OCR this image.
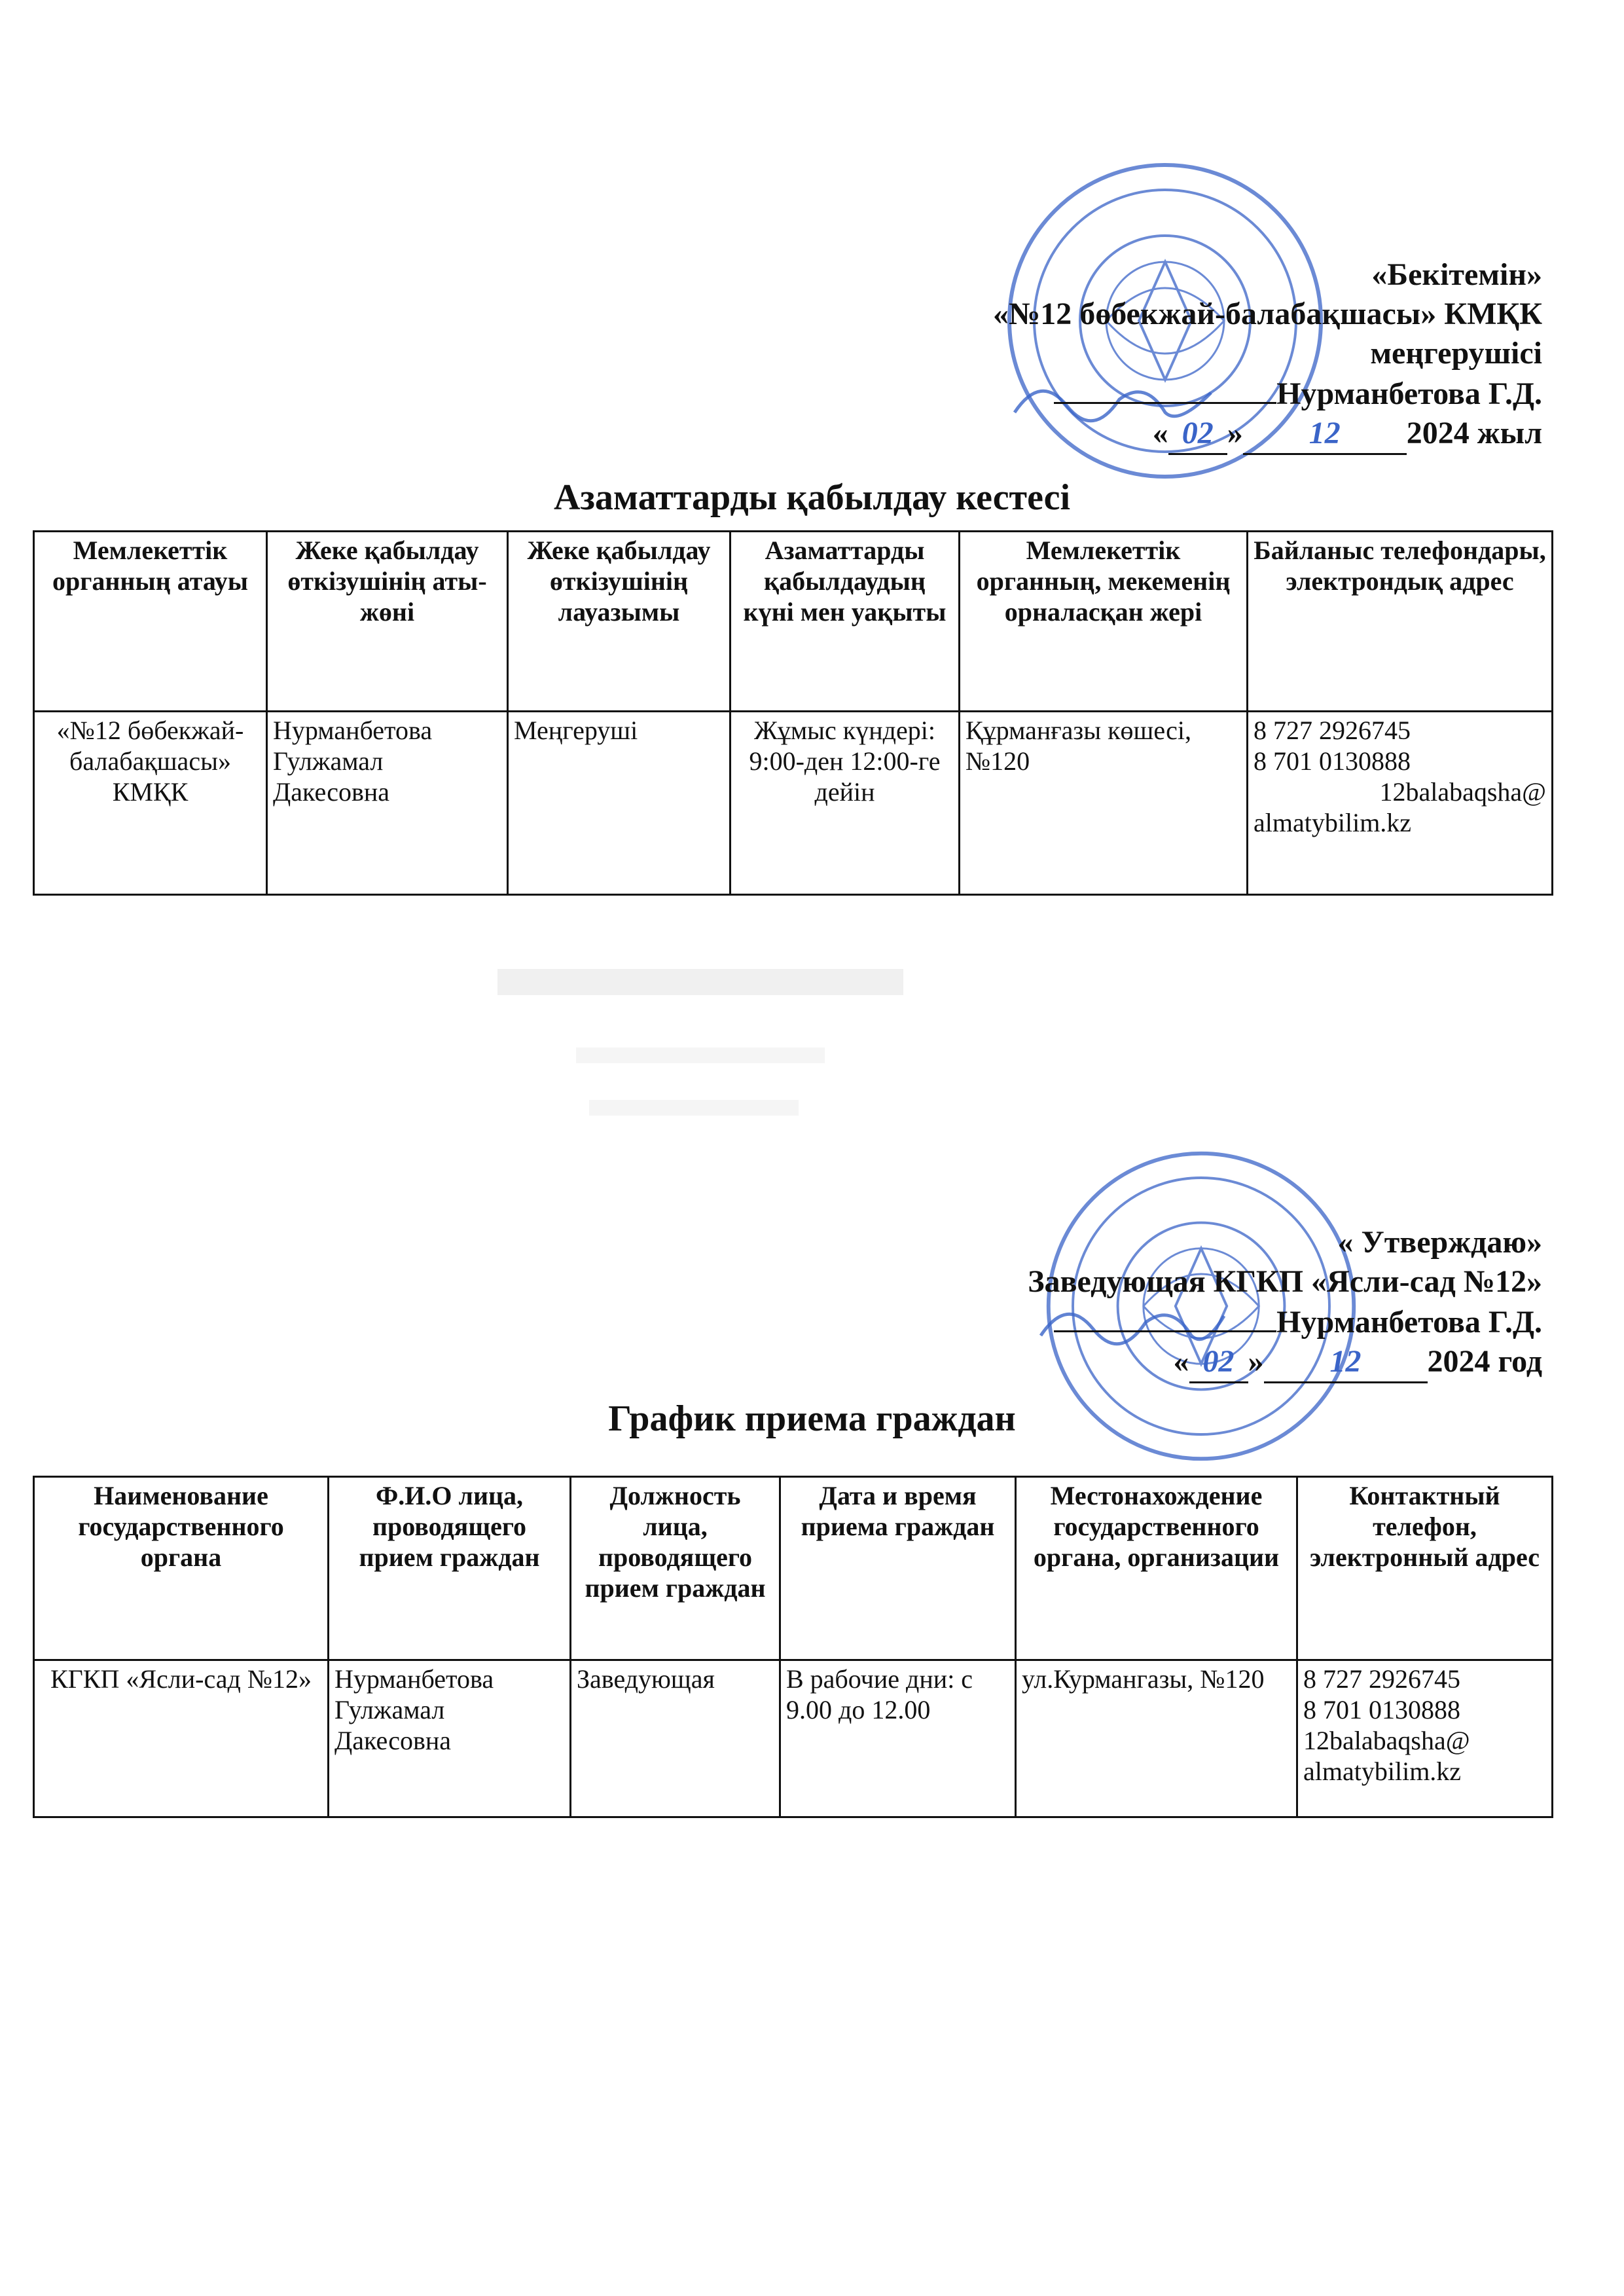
«Бекітемін»
«№12 бөбекжай-балабақшасы» КМҚК
меңгерушісі
Нурманбетова Г.Д.
« 02 » 12 2024 жыл
Азаматтарды қабылдау кестесі
Мемлекеттік органның атауы	Жеке қабылдау өткізушінің аты-жөні	Жеке қабылдау өткізушінің лауазымы	Азаматтарды қабылдаудың күні мен уақыты	Мемлекеттік органның, мекеменің орналасқан жері	Байланыс телефондары, электрондық адрес
«№12 бөбекжай-балабақшасы» КМҚК	Нурманбетова Гулжамал Дакесовна	Меңгеруші	Жұмыс күндері: 9:00-ден 12:00-ге дейін	Құрманғазы көшесі, №120	8 727 2926745
8 701 0130888
12balabaqsha@
almatybilim.kz
« Утверждаю»
Заведующая КГКП «Ясли-сад №12»
Нурманбетова Г.Д.
« 02 » 12 2024 год
График приема граждан
Наименование государственного органа	Ф.И.О лица, проводящего прием граждан	Должность лица, проводящего прием граждан	Дата и время приема граждан	Местонахождение государственного органа, организации	Контактный телефон, электронный адрес
КГКП «Ясли-сад №12»	Нурманбетова Гулжамал Дакесовна	Заведующая	В рабочие дни: с 9.00 до 12.00	ул.Курмангазы, №120	8 727 2926745
8 701 0130888
12balabaqsha@
almatybilim.kz
